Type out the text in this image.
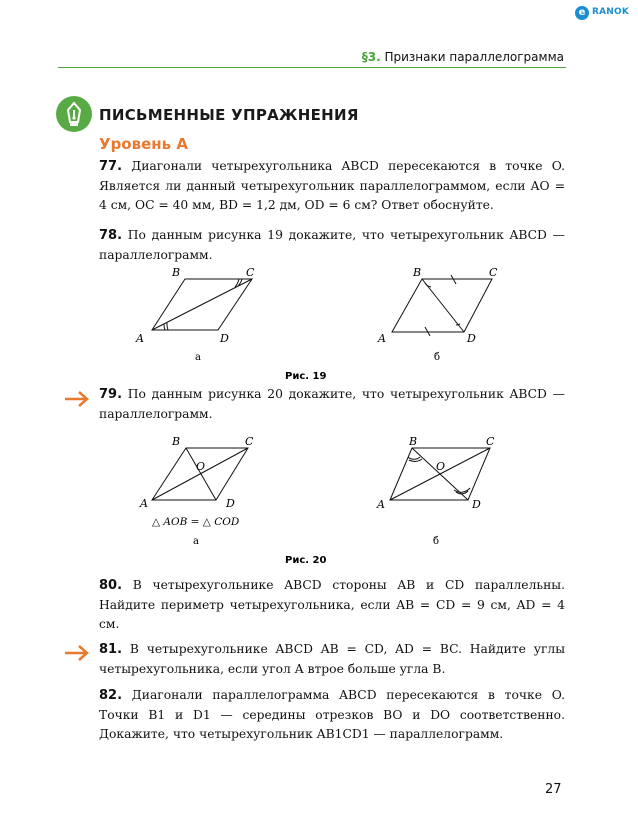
e RANOK
§3. Признаки параллелограмма
ПИСЬМЕННЫЕ УПРАЖНЕНИЯ
Уровень А
77. Диагонали четырехугольника ABCD пересекаются в точке O. Является ли данный четырехугольник параллелограммом, если AO = 4 см, OC = 40 мм, BD = 1,2 дм, OD = 6 см? Ответ обоснуйте.
78. По данным рисунка 19 докажите, что четырехугольник ABCD — параллелограмм.
B	C
A	D
а
B	C
A	D
б
Рис. 19
79. По данным рисунка 20 докажите, что четырехугольник ABCD — параллелограмм.
B	C
A	D
O
△ AOB = △ COD
а
B	C
A	D
O
б
Рис. 20
80. В четырехугольнике ABCD стороны AB и CD параллельны. Найдите периметр четырехугольника, если AB = CD = 9 см, AD = 4 см.
81. В четырехугольнике ABCD AB = CD, AD = BC. Найдите углы четырехугольника, если угол A втрое больше угла B.
82. Диагонали параллелограмма ABCD пересекаются в точке O. Точки B1 и D1 — середины отрезков BO и DO соответственно. Докажите, что четырехугольник AB1CD1 — параллелограмм.
27
